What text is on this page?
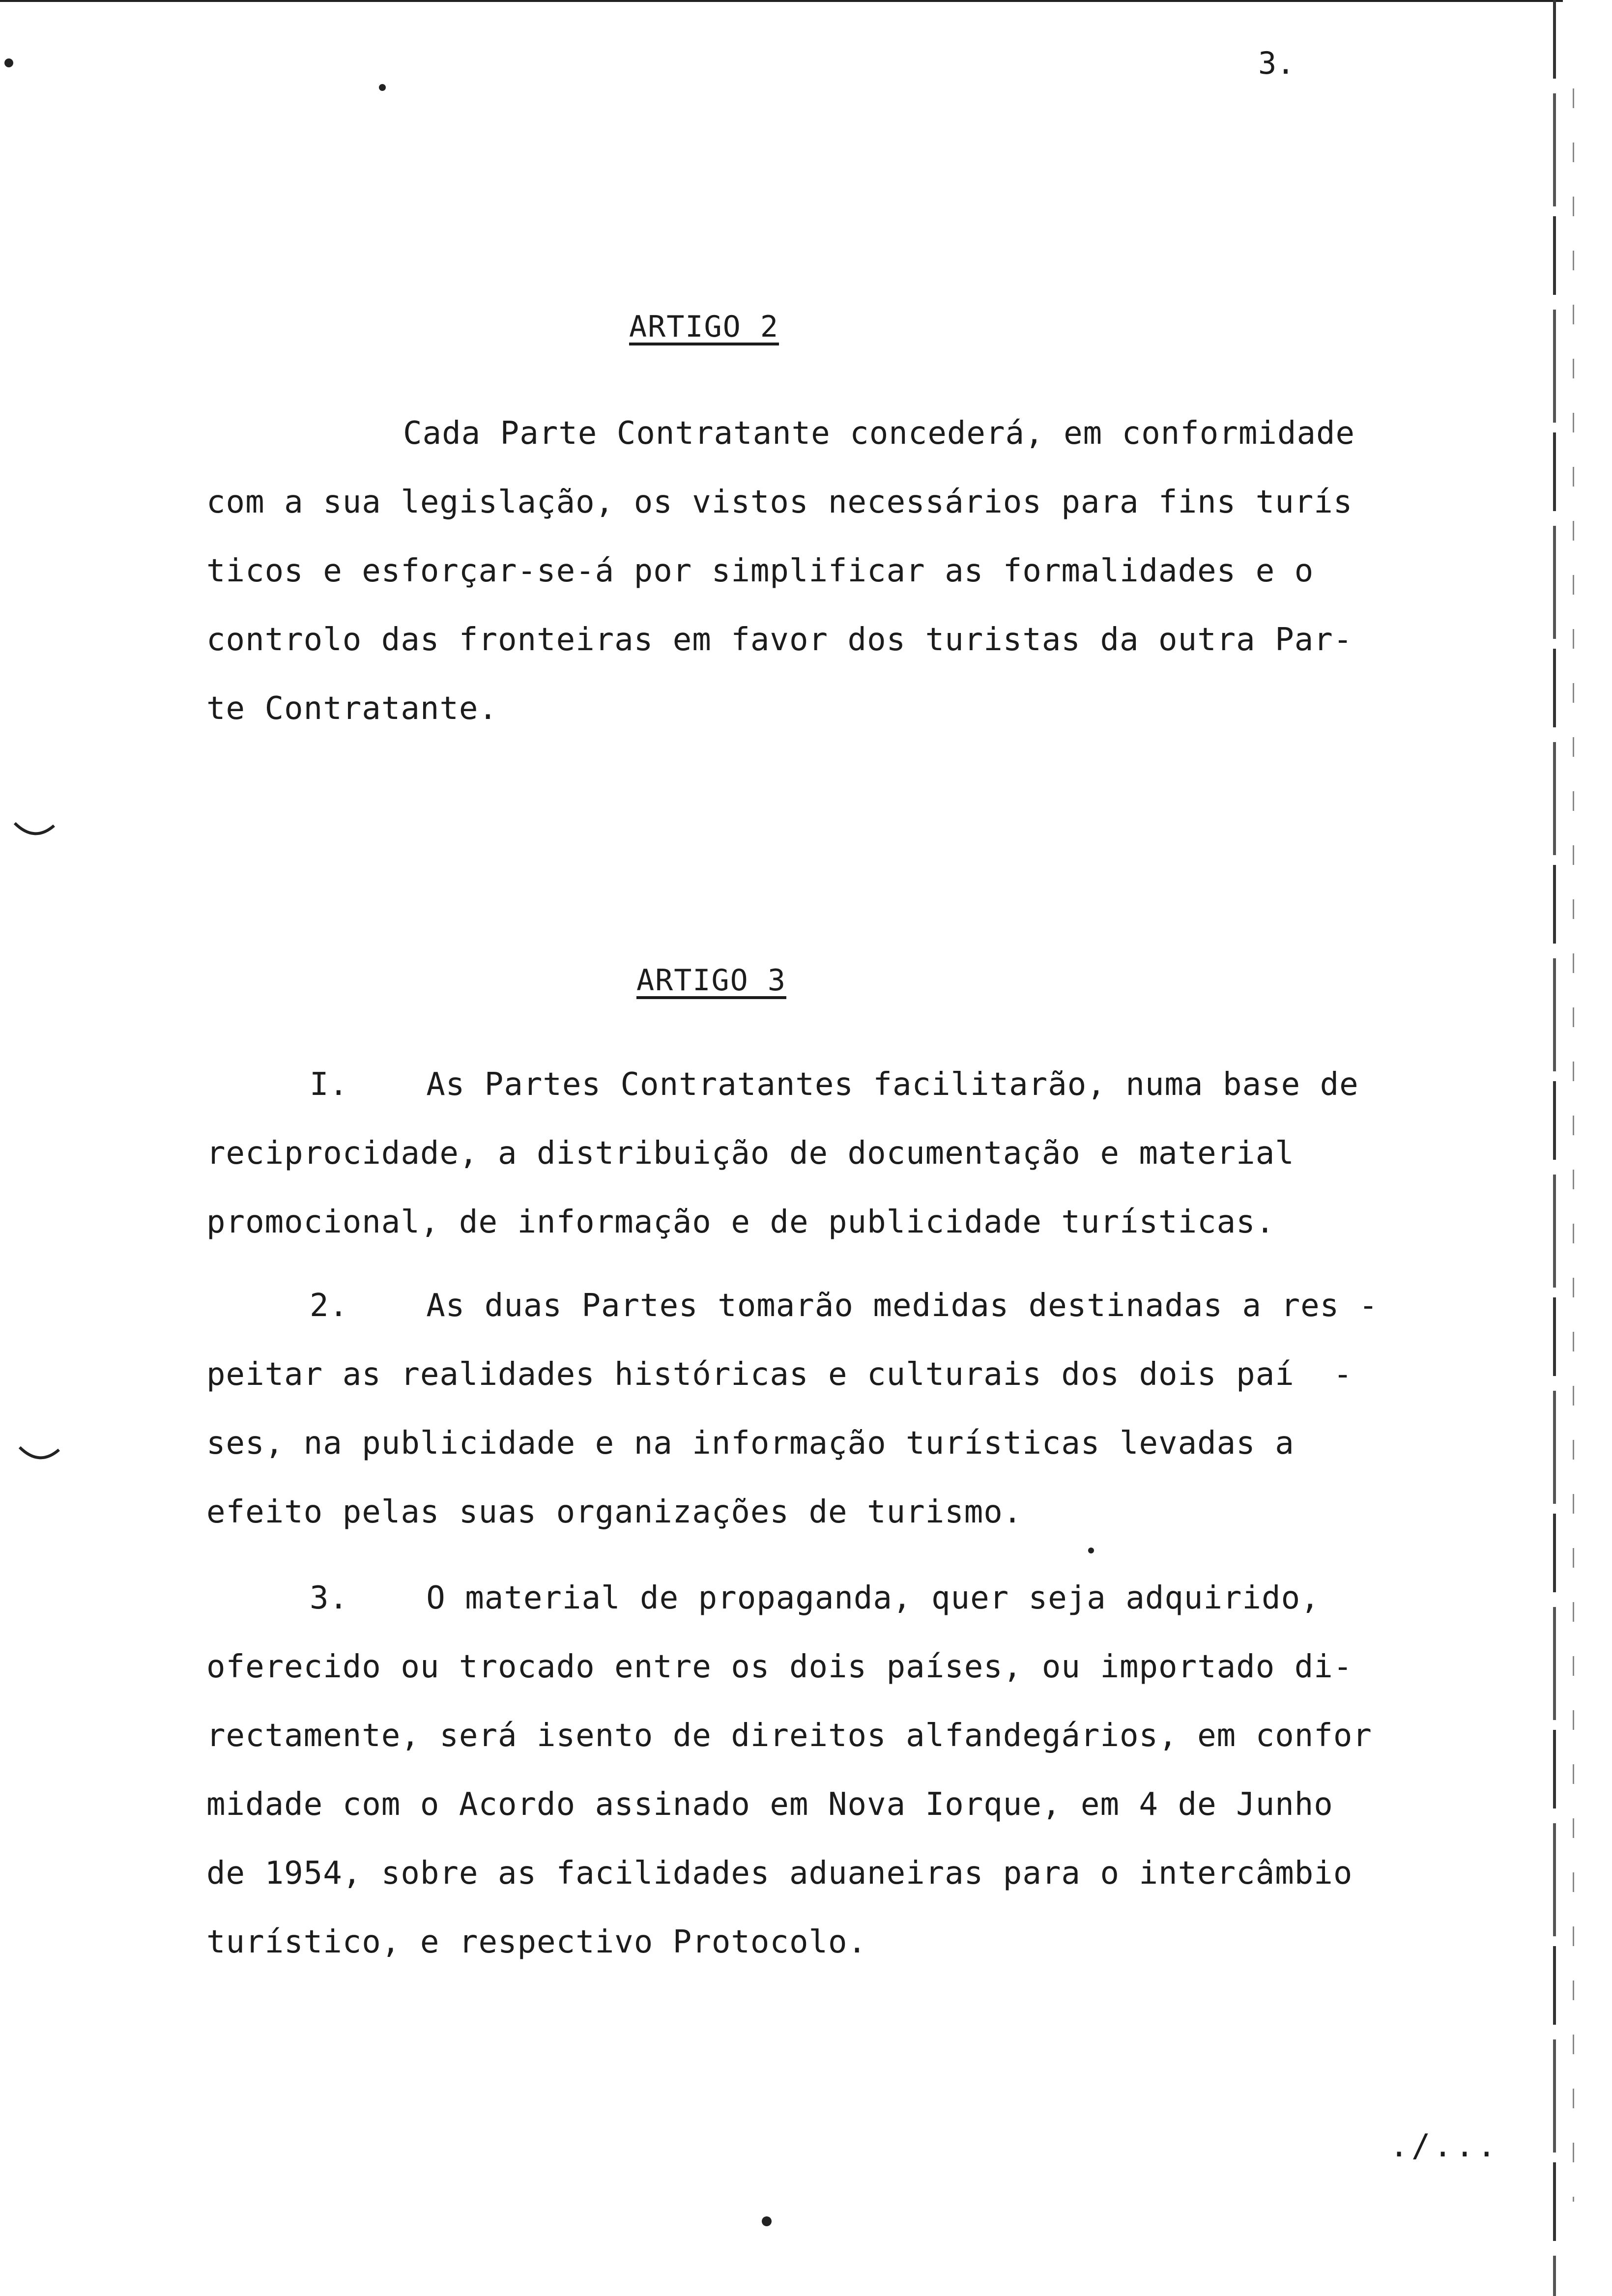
3.
ARTIGO 2
Cada Parte Contratante concederá, em conformidade
com a sua legislação, os vistos necessários para fins turís
ticos e esforçar-se-á por simplificar as formalidades e o
controlo das fronteiras em favor dos turistas da outra Par-
te Contratante.
ARTIGO 3
I.    As Partes Contratantes facilitarão, numa base de
reciprocidade, a distribuição de documentação e material
promocional, de informação e de publicidade turísticas.
2.    As duas Partes tomarão medidas destinadas a res -
peitar as realidades históricas e culturais dos dois paí  -
ses, na publicidade e na informação turísticas levadas a
efeito pelas suas organizações de turismo.
3.    O material de propaganda, quer seja adquirido,
oferecido ou trocado entre os dois países, ou importado di-
rectamente, será isento de direitos alfandegários, em confor
midade com o Acordo assinado em Nova Iorque, em 4 de Junho
de 1954, sobre as facilidades aduaneiras para o intercâmbio
turístico, e respectivo Protocolo.
./...
